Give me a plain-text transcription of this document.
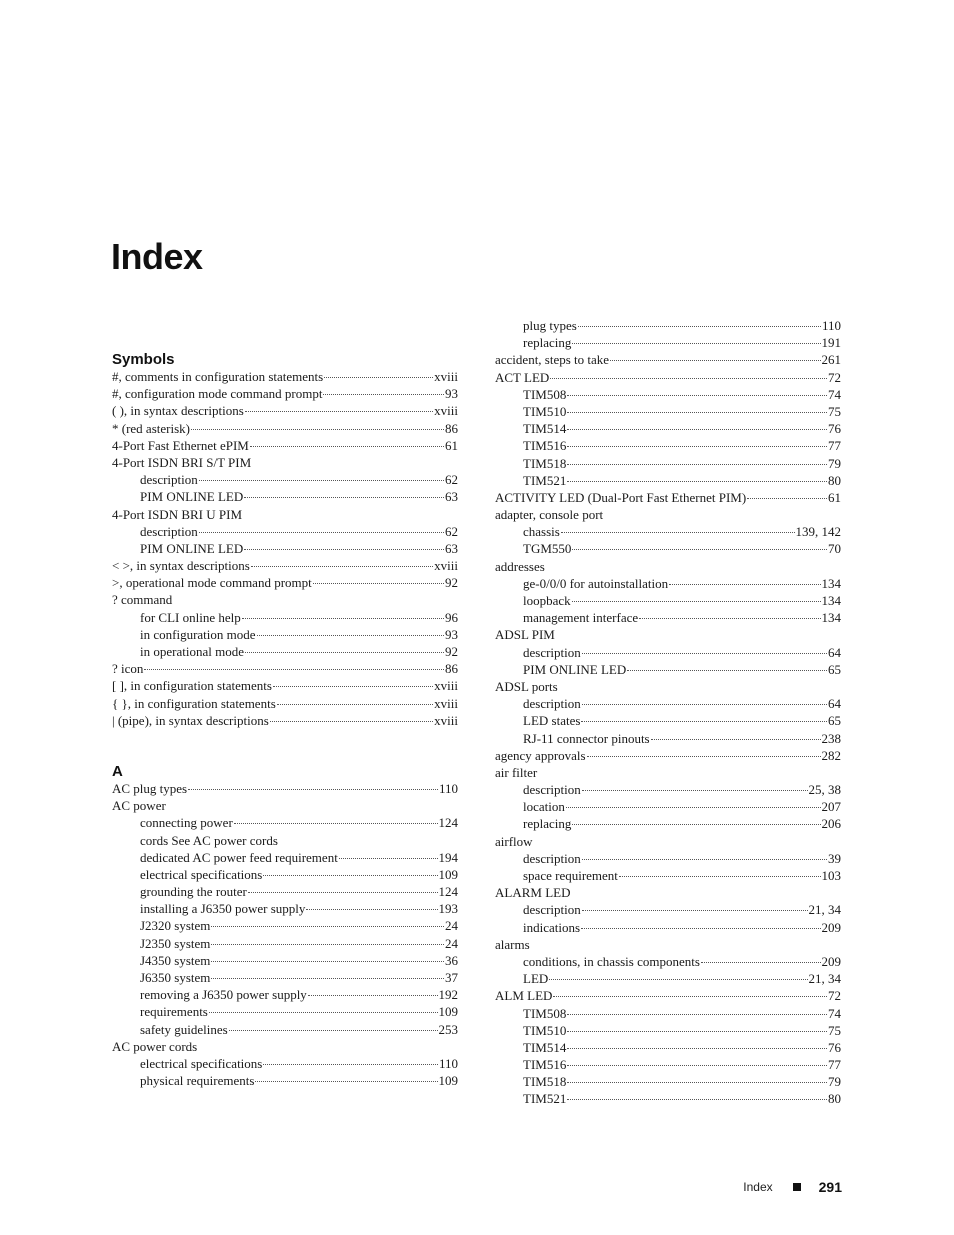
Index
Symbols
#, comments in configuration statements	xviii
#, configuration mode command prompt	93
( ), in syntax descriptions	xviii
* (red asterisk)	86
4-Port Fast Ethernet ePIM	61
4-Port ISDN BRI S/T PIM
description	62
PIM ONLINE LED	63
4-Port ISDN BRI U PIM
description	62
PIM ONLINE LED	63
< >, in syntax descriptions	xviii
>, operational mode command prompt	92
? command
for CLI online help	96
in configuration mode	93
in operational mode	92
? icon	86
[ ], in configuration statements	xviii
{ }, in configuration statements	xviii
| (pipe), in syntax descriptions	xviii
A
AC plug types	110
AC power
connecting power	124
cords See AC power cords
dedicated AC power feed requirement	194
electrical specifications	109
grounding the router	124
installing a J6350 power supply	193
J2320 system	24
J2350 system	24
J4350 system	36
J6350 system	37
removing a J6350 power supply	192
requirements	109
safety guidelines	253
AC power cords
electrical specifications	110
physical requirements	109
plug types	110
replacing	191
accident, steps to take	261
ACT LED	72
TIM508	74
TIM510	75
TIM514	76
TIM516	77
TIM518	79
TIM521	80
ACTIVITY LED (Dual-Port Fast Ethernet PIM)	61
adapter, console port
chassis	139, 142
TGM550	70
addresses
ge-0/0/0 for autoinstallation	134
loopback	134
management interface	134
ADSL PIM
description	64
PIM ONLINE LED	65
ADSL ports
description	64
LED states	65
RJ-11 connector pinouts	238
agency approvals	282
air filter
description	25, 38
location	207
replacing	206
airflow
description	39
space requirement	103
ALARM LED
description	21, 34
indications	209
alarms
conditions, in chassis components	209
LED	21, 34
ALM LED	72
TIM508	74
TIM510	75
TIM514	76
TIM516	77
TIM518	79
TIM521	80
Index	291
